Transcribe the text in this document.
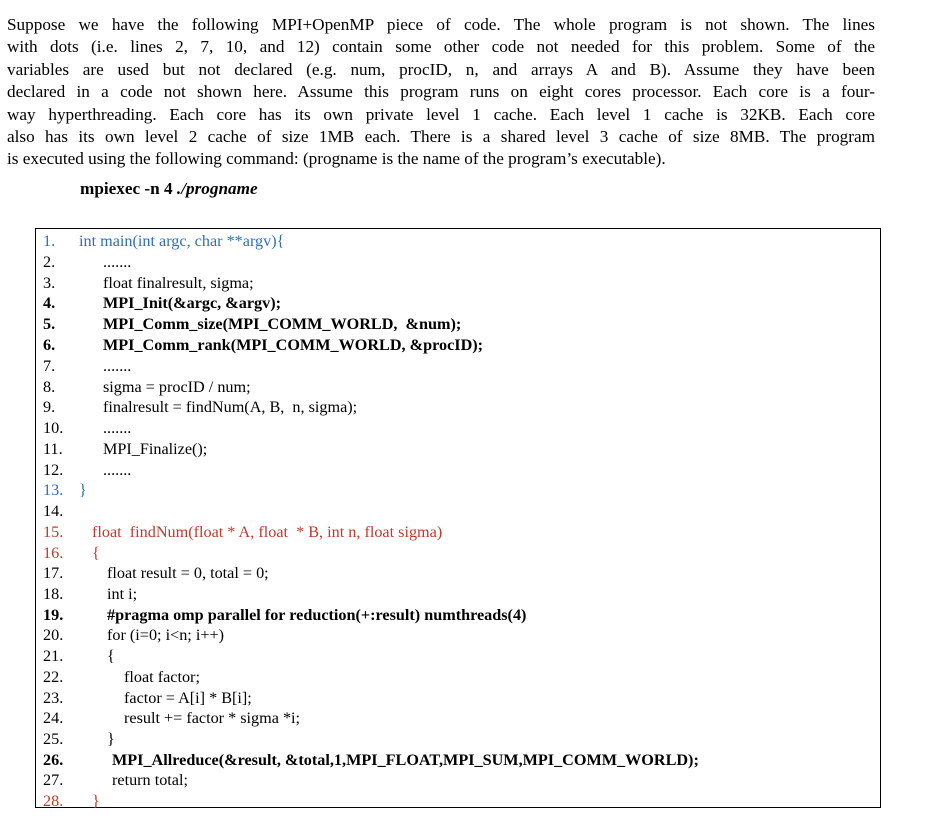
Suppose we have the following MPI+OpenMP piece of code. The whole program is not shown. The lines
with dots (i.e. lines 2, 7, 10, and 12) contain some other code not needed for this problem. Some of the
variables are used but not declared (e.g. num, procID, n, and arrays A and B). Assume they have been
declared in a code not shown here. Assume this program runs on eight cores processor. Each core is a four-
way hyperthreading. Each core has its own private level 1 cache. Each level 1 cache is 32KB. Each core
also has its own level 2 cache of size 1MB each. There is a shared level 3 cache of size 8MB. The program
is executed using the following command: (progname is the name of the program’s executable).
mpiexec -n 4 ./progname
1. int main(int argc, char **argv){
2.	.......
3.	float finalresult, sigma;
4.	MPI_Init(&argc, &argv);
5.	MPI_Comm_size(MPI_COMM_WORLD,  &num);
6.	MPI_Comm_rank(MPI_COMM_WORLD, &procID);
7.	.......
8.	sigma = procID / num;
9.	finalresult = findNum(A, B,  n, sigma);
10. .......
11. MPI_Finalize();
12. .......
13. }
14.
15. float  findNum(float * A, float  * B, int n, float sigma)
16. {
17.	float result = 0, total = 0;
18.	int i;
19.	#pragma omp parallel for reduction(+:result) numthreads(4)
20.	for (i=0; i<n; i++)
21.	{
22.	float factor;
23.	factor = A[i] * B[i];
24.	result += factor * sigma *i;
25.	}
26.	MPI_Allreduce(&result, &total,1,MPI_FLOAT,MPI_SUM,MPI_COMM_WORLD);
27.	return total;
28. }
